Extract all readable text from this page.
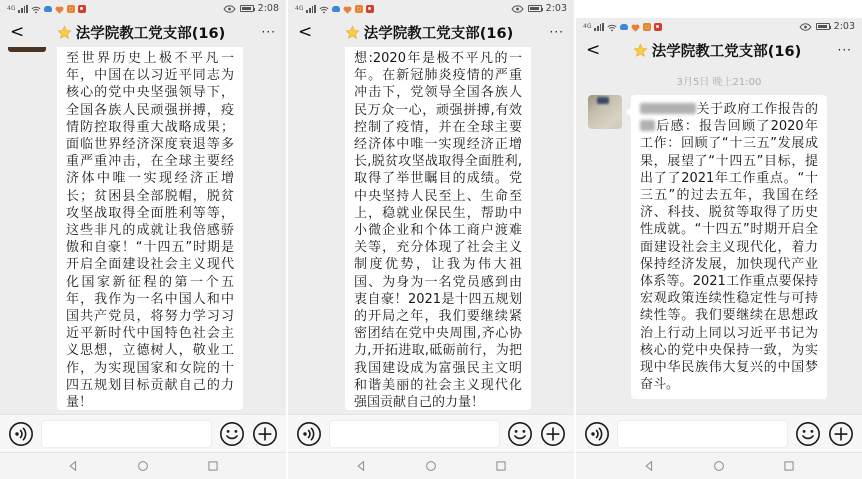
4G	2:08
<	法学院教工党支部(16)	···
至世界历史上极不平凡一年，中国在以习近平同志为核心的党中央坚强领导下，全国各族人民顽强拼搏，疫情防控取得重大战略成果；面临世界经济深度衰退等多重严重冲击，在全球主要经济体中唯一实现经济正增长；贫困县全部脱帽，脱贫攻坚战取得全面胜利等等，这些非凡的成就让我倍感骄傲和自豪！“十四五”时期是开启全面建设社会主义现代化国家新征程的第一个五年，我作为一名中国人和中国共产党员，将努力学习习近平新时代中国特色社会主义思想，立德树人，敬业工作，为实现国家和女院的十四五规划目标贡献自己的力量！
4G	2:03
<	法学院教工党支部(16)	···
想:2020年是极不平凡的一年。在新冠肺炎疫情的严重冲击下，党领导全国各族人民万众一心，顽强拼搏,有效控制了疫情，并在全球主要经济体中唯一实现经济正增长,脱贫攻坚战取得全面胜利,取得了举世瞩目的成绩。党中央坚持人民至上、生命至上，稳就业保民生，帮助中小微企业和个体工商户渡难关等，充分体现了社会主义制度优势，让我为伟大祖国、为身为一名党员感到由衷自豪！2021是十四五规划的开局之年，我们要继续紧密团结在党中央周围,齐心协力,开拓进取,砥砺前行，为把我国建设成为富强民主文明和谐美丽的社会主义现代化强国贡献自己的力量！
4G	2:03
<	法学院教工党支部(16)	···
3月5日 晚上21:00
关于政府工作报告的后感：报告回顾了2020年工作：回顾了“十三五”发展成果，展望了“十四五”目标，提出了了2021年工作重点。“十三五”的过去五年，我国在经济、科技、脱贫等取得了历史性成就。“十四五”时期开启全面建设社会主义现代化，着力保持经济发展，加快现代产业体系等。2021工作重点要保持宏观政策连续性稳定性与可持续性等。我们要继续在思想政治上行动上同以习近平书记为核心的党中央保持一致，为实现中华民族伟大复兴的中国梦奋斗。
